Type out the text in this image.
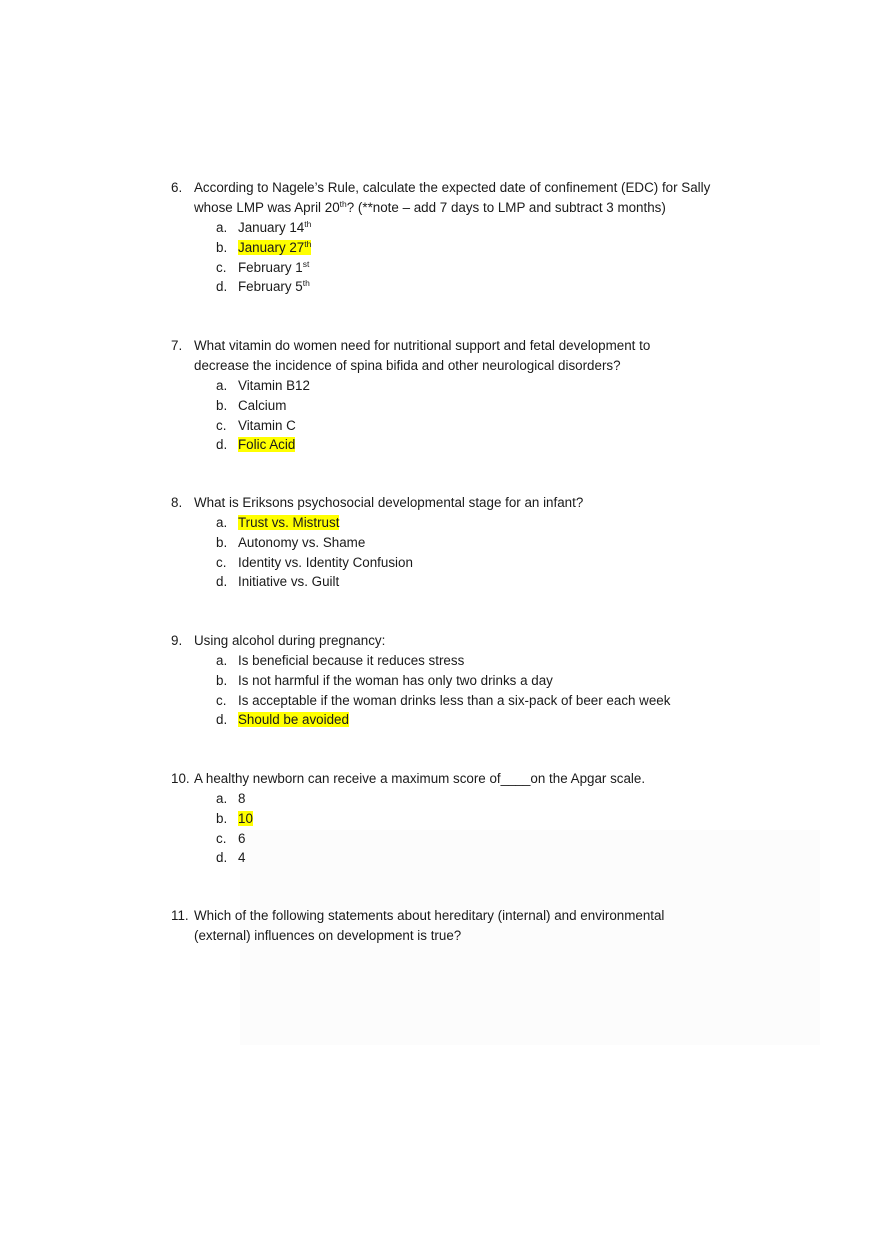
6. According to Nagele’s Rule, calculate the expected date of confinement (EDC) for Sally
whose LMP was April 20th? (**note – add 7 days to LMP and subtract 3 months)
a. January 14th
b. January 27th
c. February 1st
d. February 5th
7. What vitamin do women need for nutritional support and fetal development to
decrease the incidence of spina bifida and other neurological disorders?
a. Vitamin B12
b. Calcium
c. Vitamin C
d. Folic Acid
8. What is Eriksons psychosocial developmental stage for an infant?
a. Trust vs. Mistrust
b. Autonomy vs. Shame
c. Identity vs. Identity Confusion
d. Initiative vs. Guilt
9. Using alcohol during pregnancy:
a. Is beneficial because it reduces stress
b. Is not harmful if the woman has only two drinks a day
c. Is acceptable if the woman drinks less than a six-pack of beer each week
d. Should be avoided
10. A healthy newborn can receive a maximum score of____on the Apgar scale.
a. 8
b. 10
c. 6
d. 4
11. Which of the following statements about hereditary (internal) and environmental
(external) influences on development is true?
